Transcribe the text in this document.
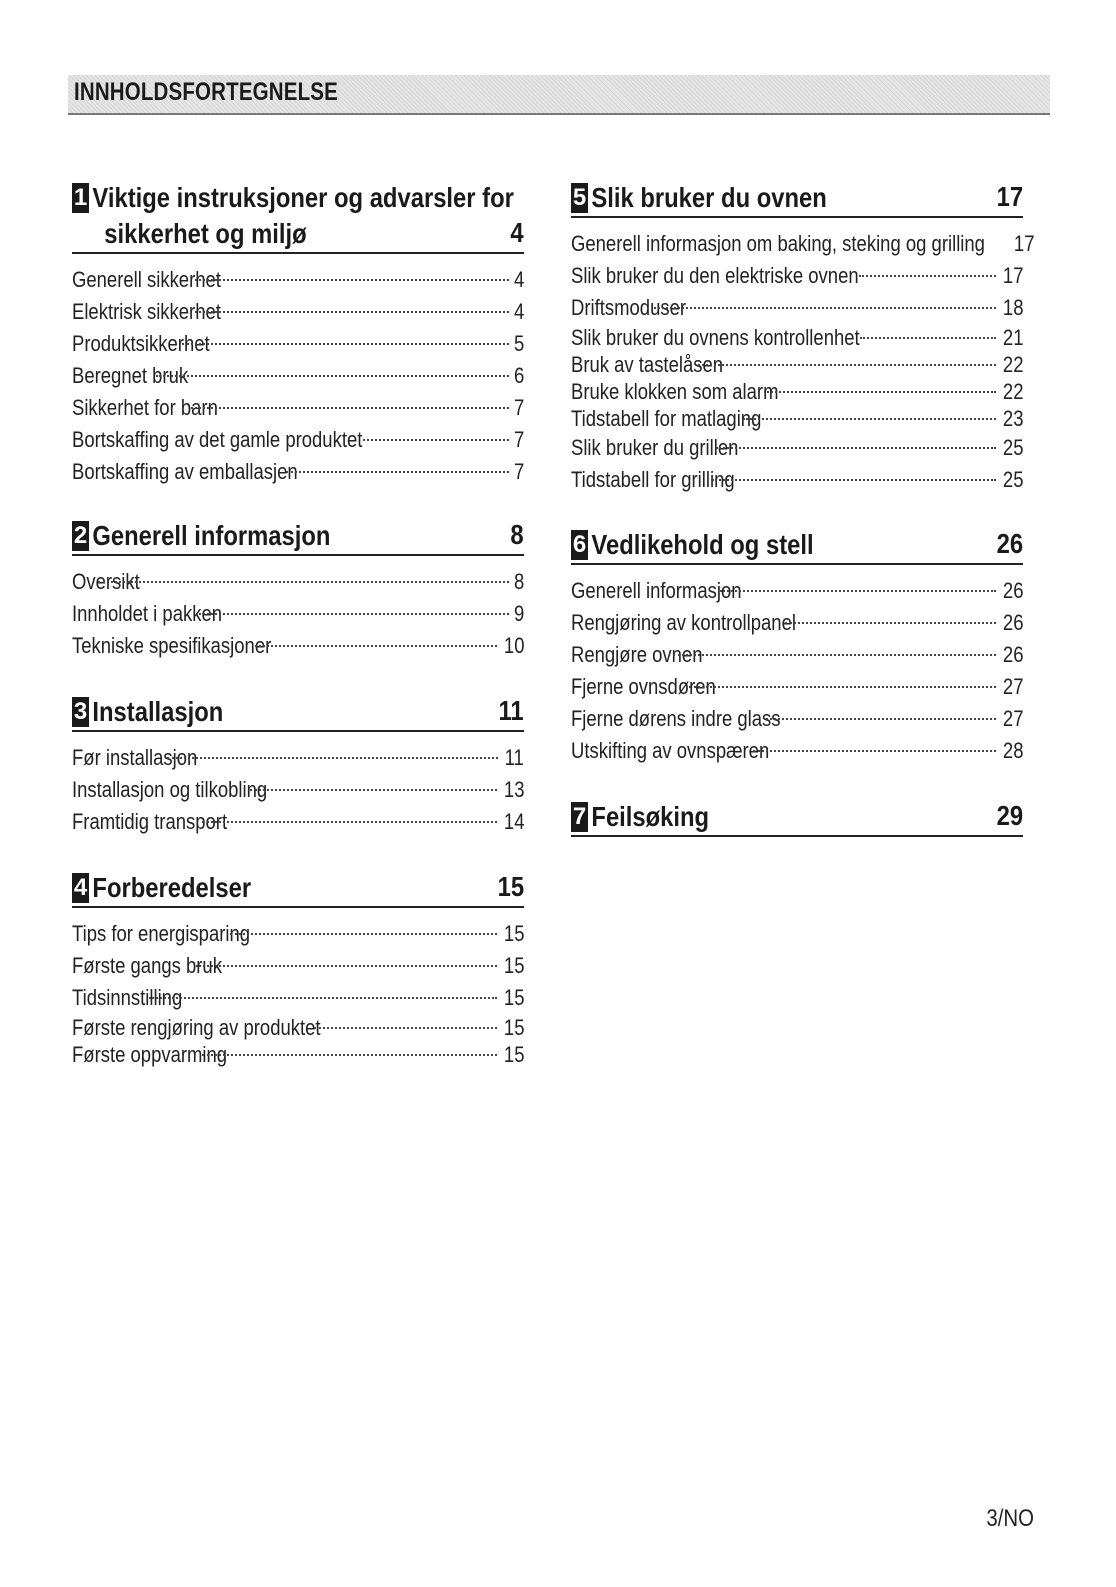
INNHOLDSFORTEGNELSE
1 Viktige instruksjoner og advarsler for
sikkerhet og miljø	4
Generell sikkerhet	4
Elektrisk sikkerhet	4
Produktsikkerhet	5
Beregnet bruk	6
Sikkerhet for barn	7
Bortskaffing av det gamle produktet	7
Bortskaffing av emballasjen	7
2 Generell informasjon	8
Oversikt	8
Innholdet i pakken	9
Tekniske spesifikasjoner	10
3 Installasjon	11
Før installasjon	11
Installasjon og tilkobling	13
Framtidig transport	14
4 Forberedelser	15
Tips for energisparing	15
Første gangs bruk	15
Tidsinnstilling	15
Første rengjøring av produktet	15
Første oppvarming	15
5 Slik bruker du ovnen	17
Generell informasjon om baking, steking og grilling 17
Slik bruker du den elektriske ovnen	17
Driftsmoduser	18
Slik bruker du ovnens kontrollenhet	21
Bruk av tastelåsen	22
Bruke klokken som alarm	22
Tidstabell for matlaging	23
Slik bruker du grillen	25
Tidstabell for grilling	25
6 Vedlikehold og stell	26
Generell informasjon	26
Rengjøring av kontrollpanel	26
Rengjøre ovnen	26
Fjerne ovnsdøren	27
Fjerne dørens indre glass	27
Utskifting av ovnspæren	28
7 Feilsøking	29
3/NO
